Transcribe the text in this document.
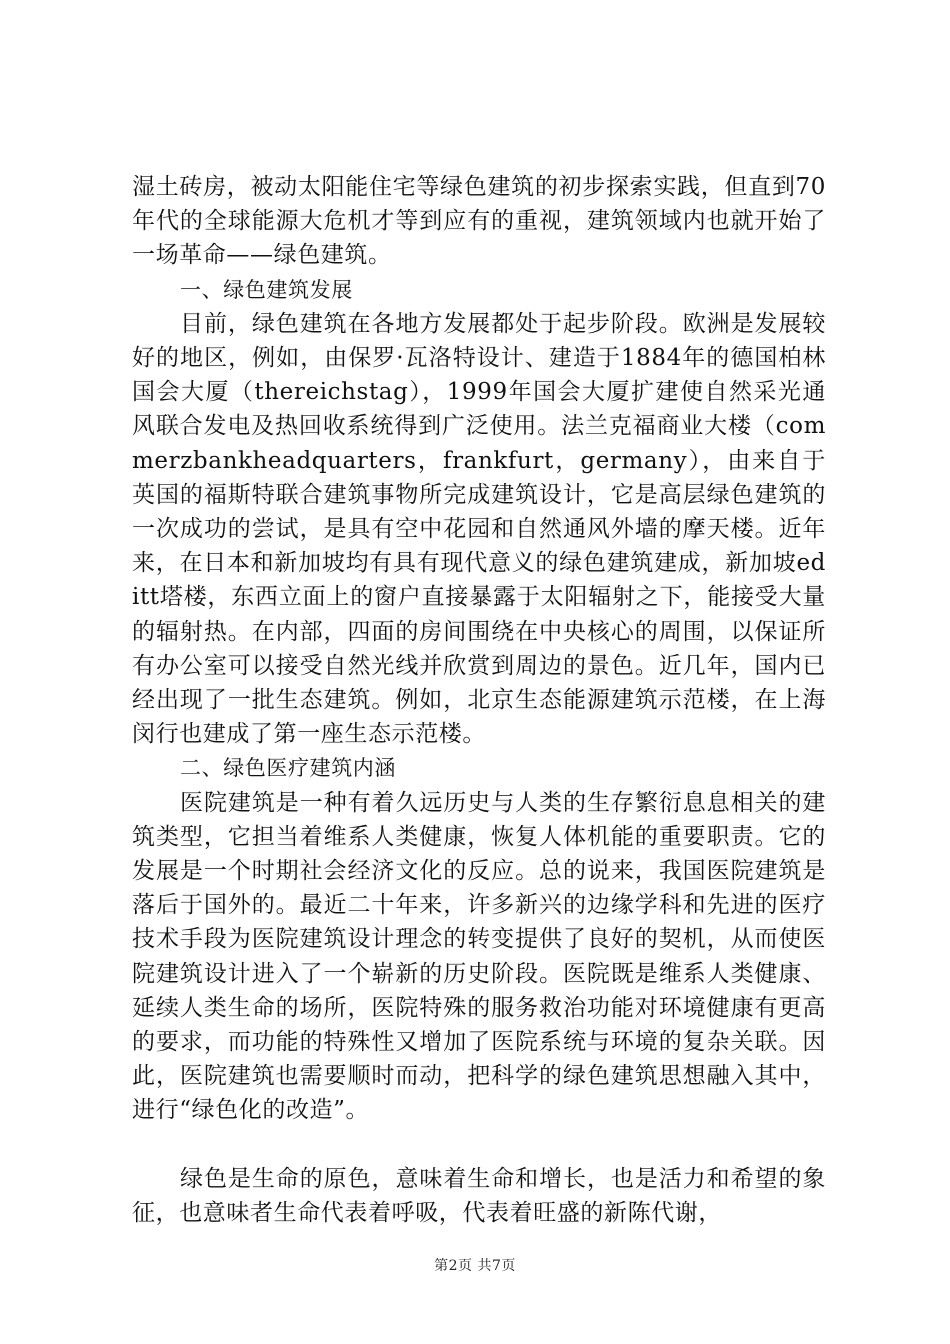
湿土砖房，被动太阳能住宅等绿色建筑的初步探索实践，但直到70年代的全球能源大危机才等到应有的重视，建筑领域内也就开始了一场革命——绿色建筑。

一、绿色建筑发展

目前，绿色建筑在各地方发展都处于起步阶段。欧洲是发展较好的地区，例如，由保罗·瓦洛特设计、建造于1884年的德国柏林国会大厦（thereichstag），1999年国会大厦扩建使自然采光通风联合发电及热回收系统得到广泛使用。法兰克福商业大楼（commerzbankheadquarters，frankfurt，germany），由来自于英国的福斯特联合建筑事物所完成建筑设计，它是高层绿色建筑的一次成功的尝试，是具有空中花园和自然通风外墙的摩天楼。近年来，在日本和新加坡均有具有现代意义的绿色建筑建成，新加坡editt塔楼，东西立面上的窗户直接暴露于太阳辐射之下，能接受大量的辐射热。在内部，四面的房间围绕在中央核心的周围，以保证所有办公室可以接受自然光线并欣赏到周边的景色。近几年，国内已经出现了一批生态建筑。例如，北京生态能源建筑示范楼，在上海闵行也建成了第一座生态示范楼。

二、绿色医疗建筑内涵

医院建筑是一种有着久远历史与人类的生存繁衍息息相关的建筑类型，它担当着维系人类健康，恢复人体机能的重要职责。它的发展是一个时期社会经济文化的反应。总的说来，我国医院建筑是落后于国外的。最近二十年来，许多新兴的边缘学科和先进的医疗技术手段为医院建筑设计理念的转变提供了良好的契机，从而使医院建筑设计进入了一个崭新的历史阶段。医院既是维系人类健康、延续人类生命的场所，医院特殊的服务救治功能对环境健康有更高的要求，而功能的特殊性又增加了医院系统与环境的复杂关联。因此，医院建筑也需要顺时而动，把科学的绿色建筑思想融入其中，进行“绿色化的改造”。

绿色是生命的原色，意味着生命和增长，也是活力和希望的象征，也意味者生命代表着呼吸，代表着旺盛的新陈代谢，

第2页 共7页
